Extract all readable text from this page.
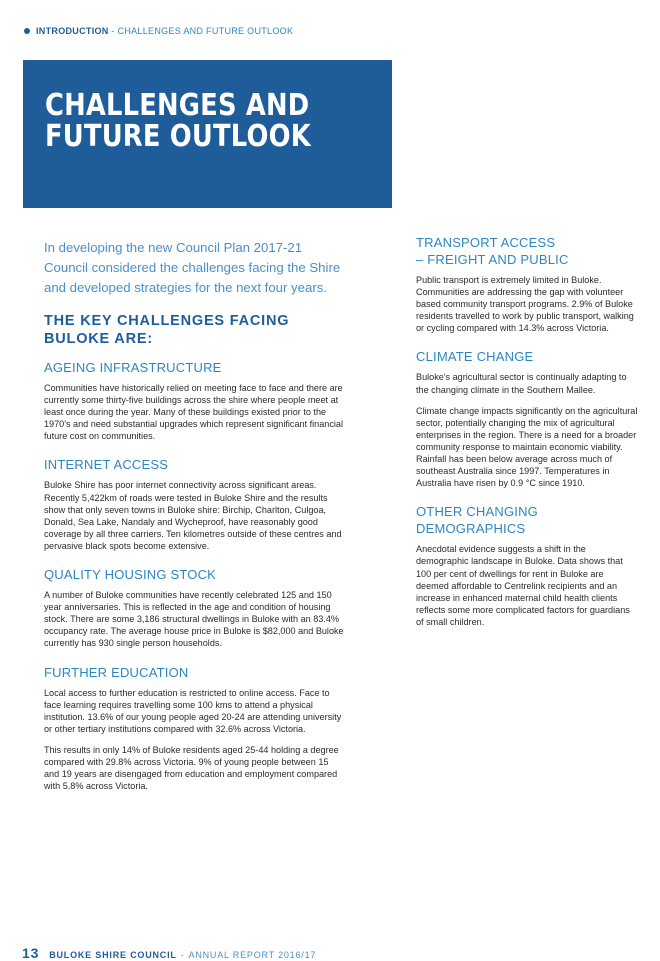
INTRODUCTION - CHALLENGES AND FUTURE OUTLOOK
CHALLENGES AND
FUTURE OUTLOOK

In developing the new Council Plan 2017-21 Council considered the challenges facing the Shire and developed strategies for the next four years.

THE KEY CHALLENGES FACING
BULOKE ARE:
AGEING INFRASTRUCTURE

Communities have historically relied on meeting face to face and there are currently some thirty-five buildings across the shire where people meet at least once during the year. Many of these buildings existed prior to the 1970's and need substantial upgrades which represent significant financial future cost on communities.

INTERNET ACCESS

Buloke Shire has poor internet connectivity across significant areas. Recently 5,422km of roads were tested in Buloke Shire and the results show that only seven towns in Buloke shire: Birchip, Charlton, Culgoa, Donald, Sea Lake, Nandaly and Wycheproof, have reasonably good coverage by all three carriers. Ten kilometres outside of these centres and pervasive black spots become extensive.

QUALITY HOUSING STOCK

A number of Buloke communities have recently celebrated 125 and 150 year anniversaries. This is reflected in the age and condition of housing stock. There are some 3,186 structural dwellings in Buloke with an 83.4% occupancy rate. The average house price in Buloke is $82,000 and Buloke currently has 930 single person households.

FURTHER EDUCATION

Local access to further education is restricted to online access. Face to face learning requires travelling some 100 kms to attend a physical institution. 13.6% of our young people aged 20-24 are attending university or other tertiary institutions compared with 32.6% across Victoria.

This results in only 14% of Buloke residents aged 25-44 holding a degree compared with 29.8% across Victoria. 9% of young people between 15 and 19 years are disengaged from education and employment compared with 5.8% across Victoria.

TRANSPORT ACCESS
– FREIGHT AND PUBLIC

Public transport is extremely limited in Buloke. Communities are addressing the gap with volunteer based community transport programs. 2.9% of Buloke residents travelled to work by public transport, walking or cycling compared with 14.3% across Victoria.

CLIMATE CHANGE

Buloke's agricultural sector is continually adapting to the changing climate in the Southern Mallee.

Climate change impacts significantly on the agricultural sector, potentially changing the mix of agricultural enterprises in the region. There is a need for a broader community response to maintain economic viability. Rainfall has been below average across much of southeast Australia since 1997. Temperatures in Australia have risen by 0.9 °C since 1910.

OTHER CHANGING DEMOGRAPHICS

Anecdotal evidence suggests a shift in the demographic landscape in Buloke. Data shows that 100 per cent of dwellings for rent in Buloke are deemed affordable to Centrelink recipients and an increase in enhanced maternal child health clients reflects some more complicated factors for guardians of small children.

13 BULOKE SHIRE COUNCIL - ANNUAL REPORT 2016/17
